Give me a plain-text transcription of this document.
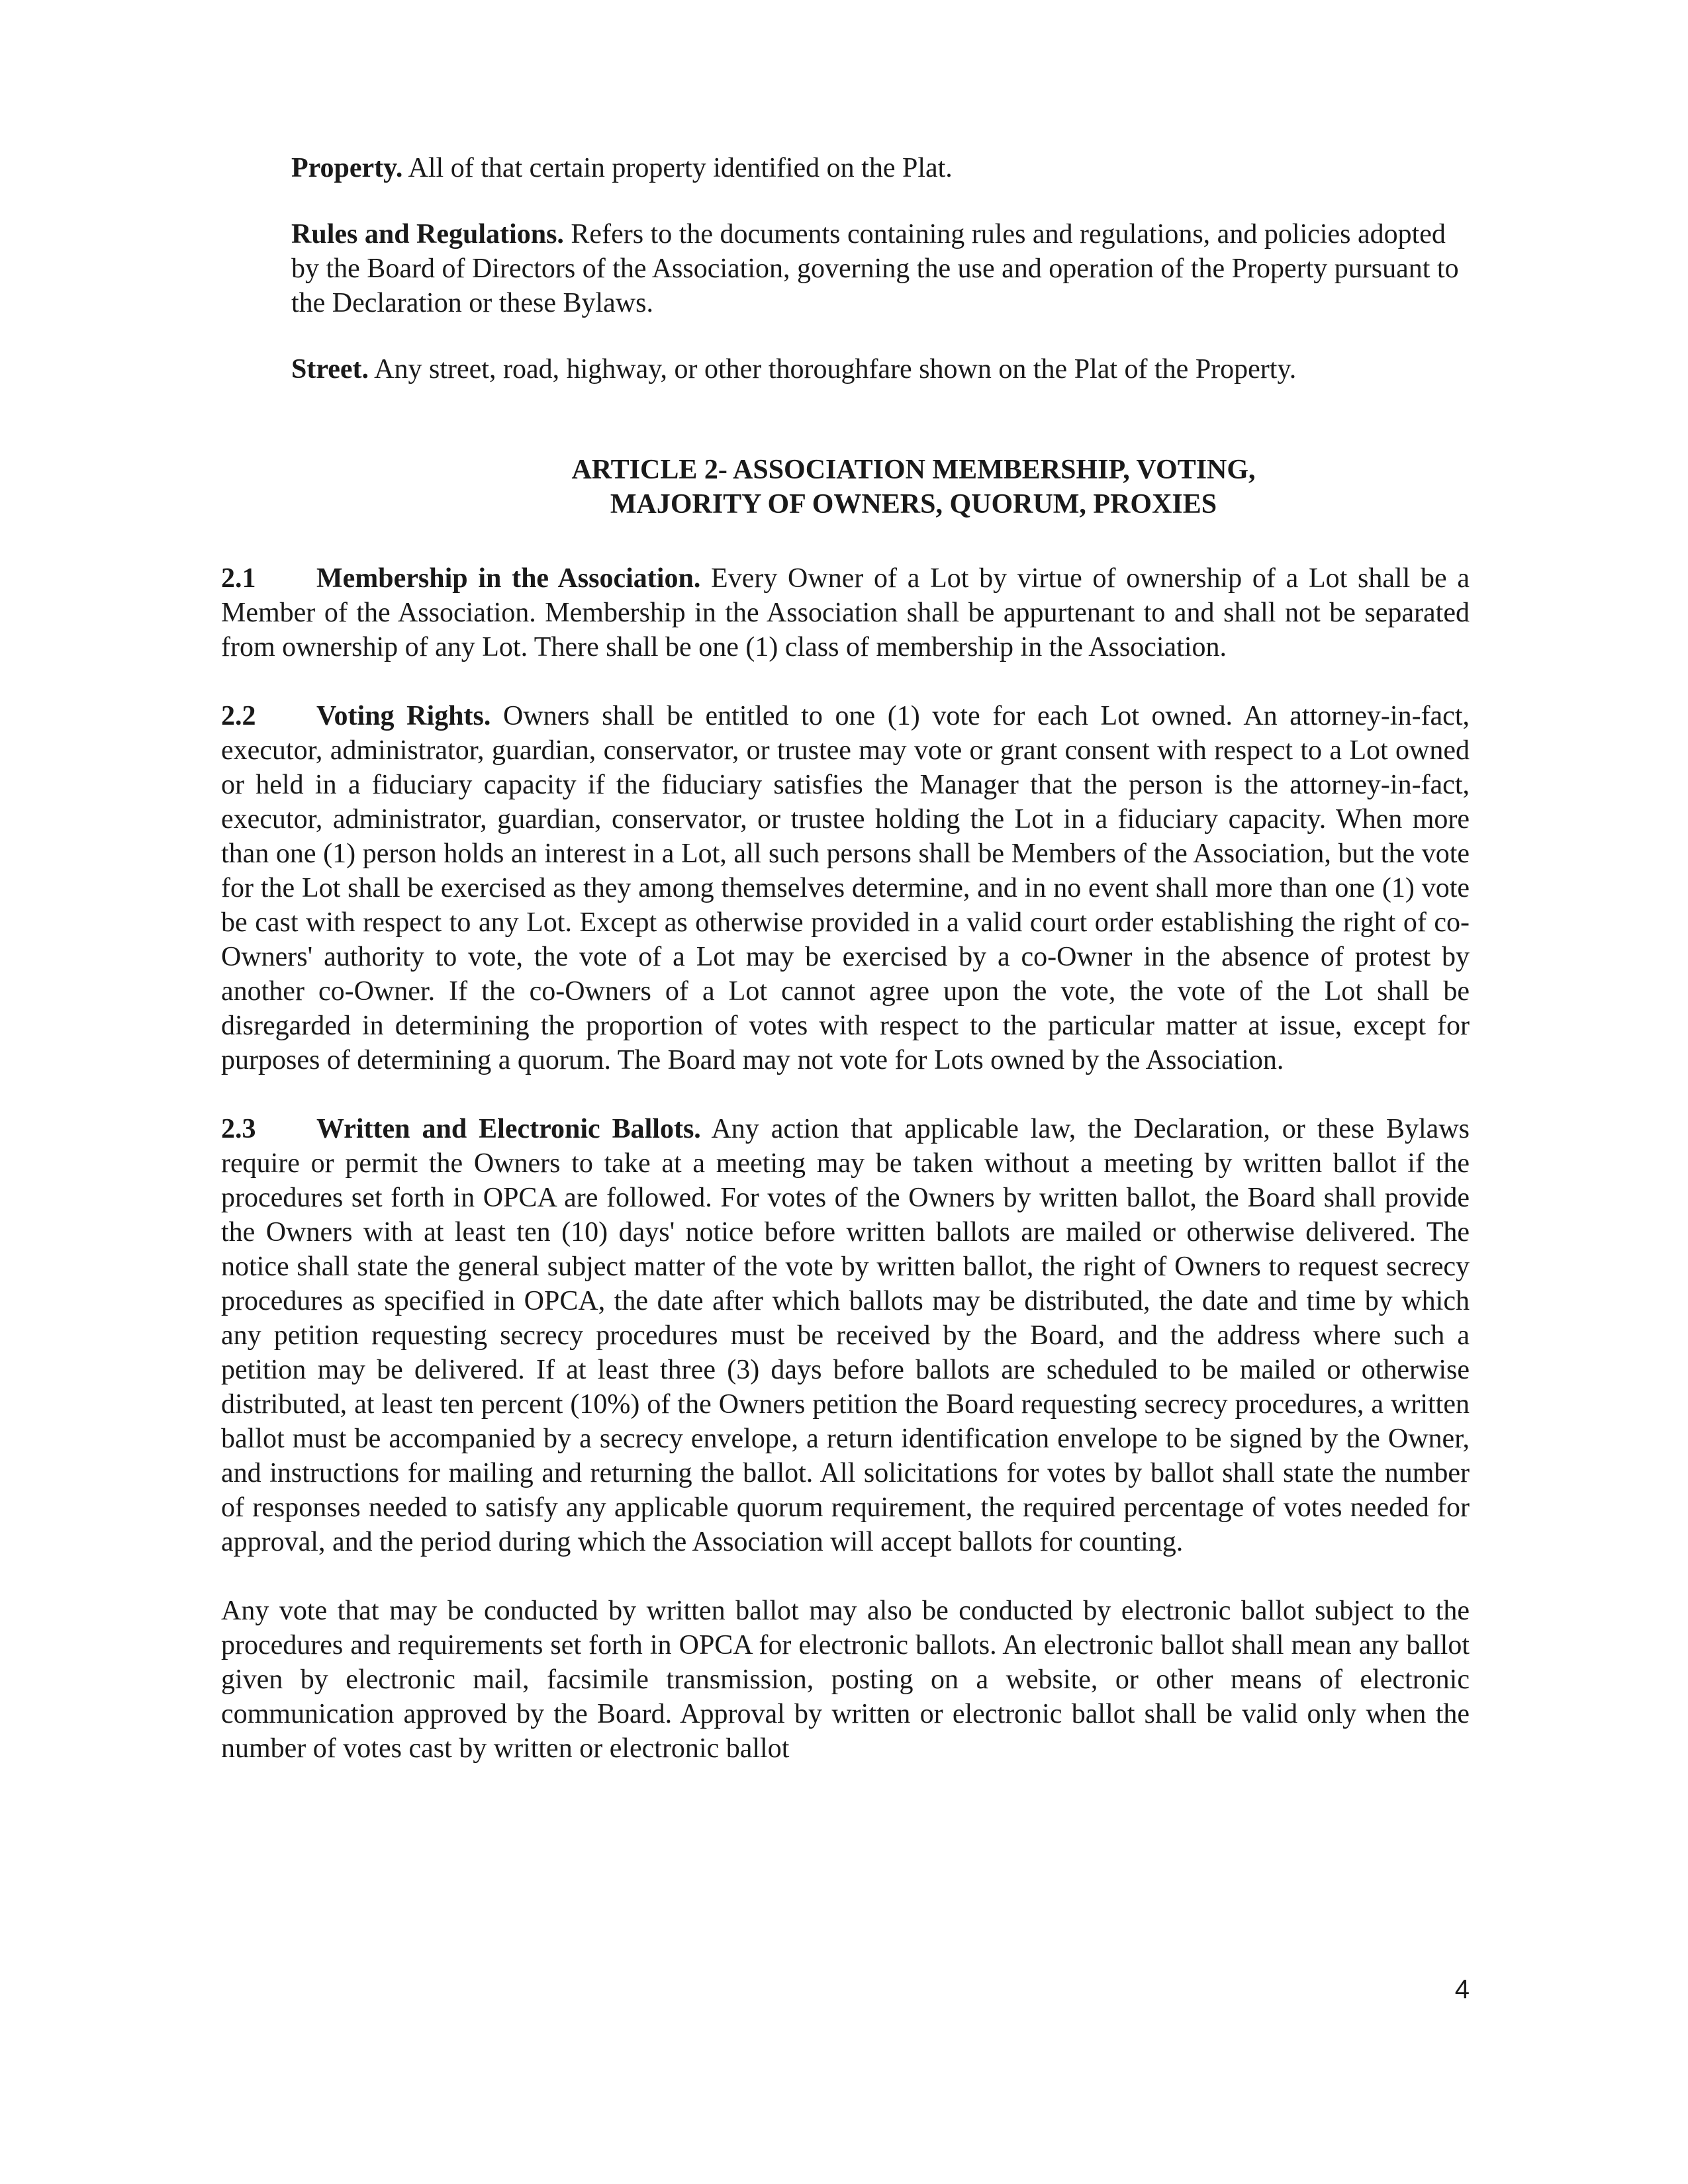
Property. All of that certain property identified on the Plat.

Rules and Regulations. Refers to the documents containing rules and regulations, and policies adopted by the Board of Directors of the Association, governing the use and operation of the Property pursuant to the Declaration or these Bylaws.

Street. Any street, road, highway, or other thoroughfare shown on the Plat of the Property.

ARTICLE 2- ASSOCIATION MEMBERSHIP, VOTING,
MAJORITY OF OWNERS, QUORUM, PROXIES

2.1 Membership in the Association. Every Owner of a Lot by virtue of ownership of a Lot shall be a Member of the Association. Membership in the Association shall be appurtenant to and shall not be separated from ownership of any Lot. There shall be one (1) class of membership in the Association.

2.2 Voting Rights. Owners shall be entitled to one (1) vote for each Lot owned. An attorney-in-fact, executor, administrator, guardian, conservator, or trustee may vote or grant consent with respect to a Lot owned or held in a fiduciary capacity if the fiduciary satisfies the Manager that the person is the attorney-in-fact, executor, administrator, guardian, conservator, or trustee holding the Lot in a fiduciary capacity. When more than one (1) person holds an interest in a Lot, all such persons shall be Members of the Association, but the vote for the Lot shall be exercised as they among themselves determine, and in no event shall more than one (1) vote be cast with respect to any Lot. Except as otherwise provided in a valid court order establishing the right of co-Owners' authority to vote, the vote of a Lot may be exercised by a co-Owner in the absence of protest by another co-Owner. If the co-Owners of a Lot cannot agree upon the vote, the vote of the Lot shall be disregarded in determining the proportion of votes with respect to the particular matter at issue, except for purposes of determining a quorum. The Board may not vote for Lots owned by the Association.

2.3 Written and Electronic Ballots. Any action that applicable law, the Declaration, or these Bylaws require or permit the Owners to take at a meeting may be taken without a meeting by written ballot if the procedures set forth in OPCA are followed. For votes of the Owners by written ballot, the Board shall provide the Owners with at least ten (10) days' notice before written ballots are mailed or otherwise delivered. The notice shall state the general subject matter of the vote by written ballot, the right of Owners to request secrecy procedures as specified in OPCA, the date after which ballots may be distributed, the date and time by which any petition requesting secrecy procedures must be received by the Board, and the address where such a petition may be delivered. If at least three (3) days before ballots are scheduled to be mailed or otherwise distributed, at least ten percent (10%) of the Owners petition the Board requesting secrecy procedures, a written ballot must be accompanied by a secrecy envelope, a return identification envelope to be signed by the Owner, and instructions for mailing and returning the ballot. All solicitations for votes by ballot shall state the number of responses needed to satisfy any applicable quorum requirement, the required percentage of votes needed for approval, and the period during which the Association will accept ballots for counting.

Any vote that may be conducted by written ballot may also be conducted by electronic ballot subject to the procedures and requirements set forth in OPCA for electronic ballots. An electronic ballot shall mean any ballot given by electronic mail, facsimile transmission, posting on a website, or other means of electronic communication approved by the Board. Approval by written or electronic ballot shall be valid only when the number of votes cast by written or electronic ballot

4
